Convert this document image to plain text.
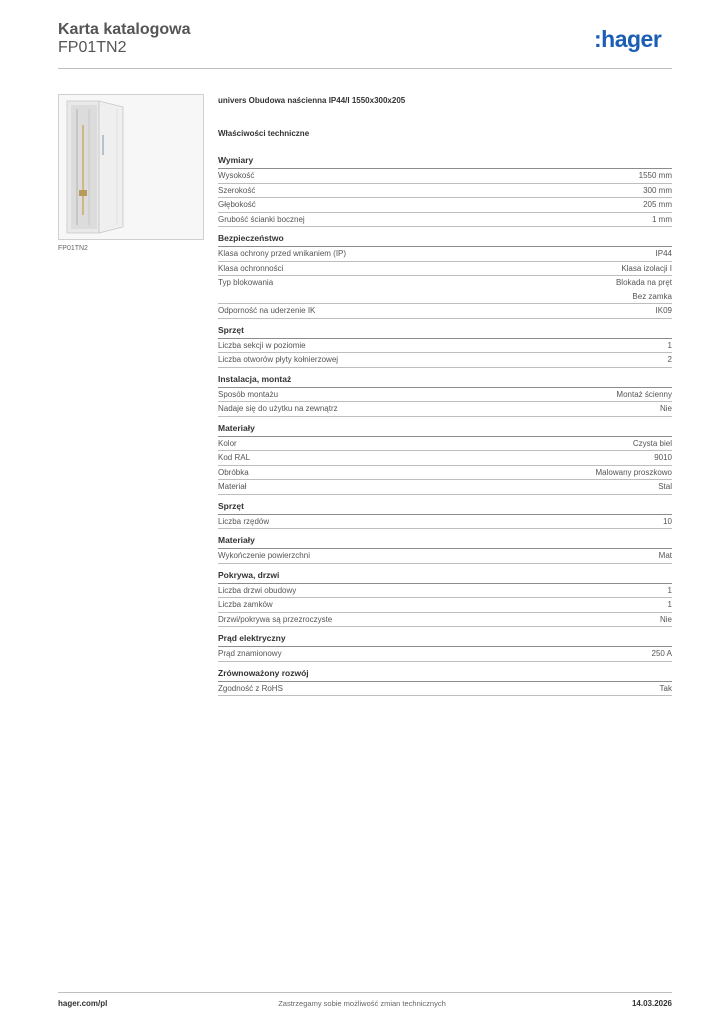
Karta katalogowa
FP01TN2	:hager
FP01TN2
univers Obudowa naścienna IP44/I 1550x300x205
Właściwości techniczne
Wymiary
Wysokość	1550 mm
Szerokość	300 mm
Głębokość	205 mm
Grubość ścianki bocznej	1 mm
Bezpieczeństwo
Klasa ochrony przed wnikaniem (IP)	IP44
Klasa ochronności	Klasa izolacji I
Typ blokowania	Blokada na pręt
Bez zamka
Odporność na uderzenie IK	IK09
Sprzęt
Liczba sekcji w poziomie	1
Liczba otworów płyty kołnierzowej	2
Instalacja, montaż
Sposób montażu	Montaż ścienny
Nadaje się do użytku na zewnątrz	Nie
Materiały
Kolor	Czysta biel
Kod RAL	9010
Obróbka	Malowany proszkowo
Materiał	Stal
Sprzęt
Liczba rzędów	10
Materiały
Wykończenie powierzchni	Mat
Pokrywa, drzwi
Liczba drzwi obudowy	1
Liczba zamków	1
Drzwi/pokrywa są przezroczyste	Nie
Prąd elektryczny
Prąd znamionowy	250 A
Zrównoważony rozwój
Zgodność z RoHS	Tak
hager.com/pl	Zastrzegamy sobie możliwość zmian technicznych	14.03.2026
